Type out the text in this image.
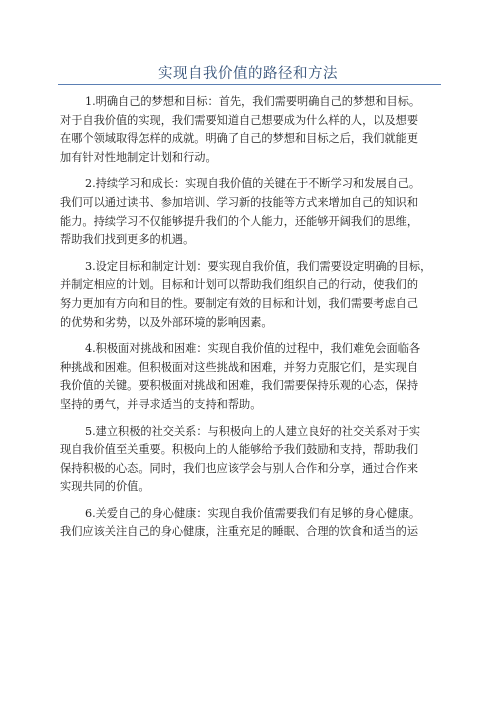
实现自我价值的路径和方法
1.明确自己的梦想和目标：首先，我们需要明确自己的梦想和目标。
对于自我价值的实现，我们需要知道自己想要成为什么样的人，以及想要
在哪个领域取得怎样的成就。明确了自己的梦想和目标之后，我们就能更
加有针对性地制定计划和行动。
2.持续学习和成长：实现自我价值的关键在于不断学习和发展自己。
我们可以通过读书、参加培训、学习新的技能等方式来增加自己的知识和
能力。持续学习不仅能够提升我们的个人能力，还能够开阔我们的思维，
帮助我们找到更多的机遇。
3.设定目标和制定计划：要实现自我价值，我们需要设定明确的目标，
并制定相应的计划。目标和计划可以帮助我们组织自己的行动，使我们的
努力更加有方向和目的性。要制定有效的目标和计划，我们需要考虑自己
的优势和劣势，以及外部环境的影响因素。
4.积极面对挑战和困难：实现自我价值的过程中，我们难免会面临各
种挑战和困难。但积极面对这些挑战和困难，并努力克服它们，是实现自
我价值的关键。要积极面对挑战和困难，我们需要保持乐观的心态，保持
坚持的勇气，并寻求适当的支持和帮助。
5.建立积极的社交关系：与积极向上的人建立良好的社交关系对于实
现自我价值至关重要。积极向上的人能够给予我们鼓励和支持，帮助我们
保持积极的心态。同时，我们也应该学会与别人合作和分享，通过合作来
实现共同的价值。
6.关爱自己的身心健康：实现自我价值需要我们有足够的身心健康。
我们应该关注自己的身心健康，注重充足的睡眠、合理的饮食和适当的运
